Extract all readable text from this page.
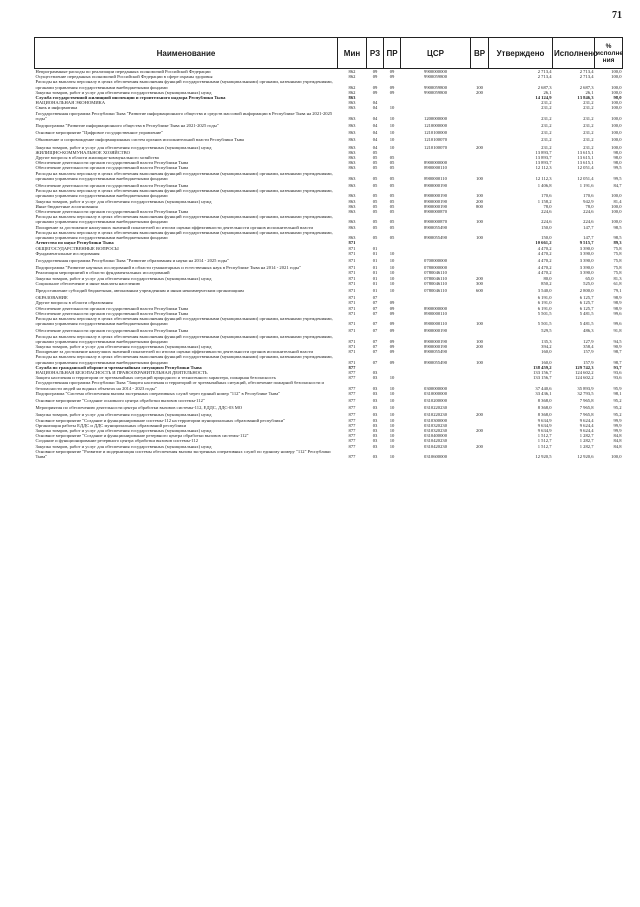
71
Наименование	Мин	РЗ	ПР	ЦСР	ВР	Утверждено	Исполнено	%
исполне ния
Непрограммные расходы по реализации переданных полномочий Российской Федерации	862	09	09	9900000000		2 713,4	2 713,4	100,0
Осуществление переданных полномочий Российской Федерации в сфере охраны здоровья	862	09	09	9900059800		2 713,4	2 713,4	100,0
Расходы на выплаты персоналу в целях обеспечения выполнения функций государственными (муниципальными) органами, казенными учреждениями, органами управления государственными внебюджетными фондами	862	09	09	9900059800	100	2 687,3	2 687,3	100,0
Закупка товаров, работ и услуг для обеспечения государственных (муниципальных) нужд	862	09	09	9900059800	200	26,1	26,1	100,0
Служба государственной жилищной инспекции и строительного надзора Республики Тыва	863					14 124,9	13 846,3	98,0
НАЦИОНАЛЬНАЯ ЭКОНОМИКА	863	04				231,2	231,2	100,0
Связь и информатика	863	04	10			231,2	231,2	100,0
Государственная программа Республики Тыва "Развитие информационного общества и средств массовой информации в Республике Тыва на 2021-2025 годы"	863	04	10	1200000000		231,2	231,2	100,0
Подпрограмма "Развитие информационного общества в Республике Тыва на 2021-2025 годы"	863	04	10	1210000000		231,2	231,2	100,0
Основное мероприятие "Цифровое государственное управление"	863	04	10	1210100000		231,2	231,2	100,0
Обновление и сопровождение информационных систем органов исполнительной власти Республики Тыва	863	04	10	1210100070		231,2	231,2	100,0
Закупка товаров, работ и услуг для обеспечения государственных (муниципальных) нужд	863	04	10	1210100070	200	231,2	231,2	100,0
ЖИЛИЩНО-КОММУНАЛЬНОЕ ХОЗЯЙСТВО	863	05				13 893,7	13 615,1	98,0
Другие вопросы в области жилищно-коммунального хозяйства	863	05	05			13 893,7	13 615,1	98,0
Обеспечение деятельности органов государственной власти Республики Тыва	863	05	05	8900000000		13 893,7	13 615,1	98,0
Обеспечение деятельности органов государственной власти Республики Тыва	863	05	05	8900000110		12 112,3	12 051,4	99,5
Расходы на выплаты персоналу в целях обеспечения выполнения функций государственными (муниципальными) органами, казенными учреждениями, органами управления государственными внебюджетными фондами	863	05	05	8900000110	100	12 112,3	12 051,4	99,5
Обеспечение деятельности органов государственной власти Республики Тыва	863	05	05	8900000190		1 406,8	1 191,6	84,7
Расходы на выплаты персоналу в целях обеспечения выполнения функций государственными (муниципальными) органами, казенными учреждениями, органами управления государственными внебюджетными фондами	863	05	05	8900000190	100	170,6	170,6	100,0
Закупка товаров, работ и услуг для обеспечения государственных (муниципальных) нужд	863	05	05	8900000190	200	1 158,2	942,9	81,4
Иные бюджетные ассигнования	863	05	05	8900000190	800	78,0	78,0	100,0
Обеспечение деятельности органов государственной власти Республики Тыва	863	05	05	8900000870		224,6	224,6	100,0
Расходы на выплаты персоналу в целях обеспечения выполнения функций государственными (муниципальными) органами, казенными учреждениями, органами управления государственными внебюджетными фондами	863	05	05	8900000870	100	224,6	224,6	100,0
Поощрение за достижение наилучших значений показателей по итогам оценки эффективности деятельности органов исполнительной власти	863	05	05	8900055490		150,0	147,7	98,5
Расходы на выплаты персоналу в целях обеспечения выполнения функций государственными (муниципальными) органами, казенными учреждениями, органами управления государственными внебюджетными фондами	863	05	05	8900055490	100	150,0	147,7	98,5
Агентство по науке Республики Тыва	871					10 661,2	9 515,7	89,3
ОБЩЕГОСУДАРСТВЕННЫЕ ВОПРОСЫ	871	01				4 470,2	3 390,0	75,8
Фундаментальные исследования	871	01	10			4 470,2	3 390,0	75,8
Государственная программа Республики Тыва "Развитие образования и науки на 2014 - 2025 годы"	871	01	10	0700000000		4 470,2	3 390,0	75,8
Подпрограмма "Развитие научных исследований в области гуманитарных и естественных наук в Республике Тыва на 2014 - 2021 годы"	871	01	10	0780000000		4 470,2	3 390,0	75,8
Реализация мероприятий в области фундаментальных исследований	871	01	10	0780046110		4 470,2	3 390,0	75,8
Закупка товаров, работ и услуг для обеспечения государственных (муниципальных) нужд	871	01	10	0780046110	200	80,0	65,0	81,3
Социальное обеспечение и иные выплаты населению	871	01	10	0780046110	300	850,2	525,0	61,8
Предоставление субсидий бюджетным, автономным учреждениям и иным некоммерческим организациям	871	01	10	0780046110	600	3 540,0	2 800,0	79,1
ОБРАЗОВАНИЕ	871	07				6 191,0	6 125,7	98,9
Другие вопросы в области образования	871	07	09			6 191,0	6 125,7	98,9
Обеспечение деятельности органов государственной власти Республики Тыва	871	07	09	8900000000		6 191,0	6 125,7	98,9
Обеспечение деятельности органов государственной власти Республики Тыва	871	07	09	8900000110		5 501,5	5 481,5	99,6
Расходы на выплаты персоналу в целях обеспечения выполнения функций государственными (муниципальными) органами, казенными учреждениями, органами управления государственными внебюджетными фондами	871	07	09	8900000110	100	5 501,5	5 481,5	99,6
Обеспечение деятельности органов государственной власти Республики Тыва	871	07	09	8900000190		529,5	486,3	91,8
Расходы на выплаты персоналу в целях обеспечения выполнения функций государственными (муниципальными) органами, казенными учреждениями, органами управления государственными внебюджетными фондами	871	07	09	8900000190	100	135,3	127,9	94,5
Закупка товаров, работ и услуг для обеспечения государственных (муниципальных) нужд	871	07	09	8900000190	200	394,2	358,4	90,9
Поощрение за достижение наилучших значений показателей по итогам оценки эффективности деятельности органов исполнительной власти	871	07	09	8900055490		160,0	157,9	98,7
Расходы на выплаты персоналу в целях обеспечения выполнения функций государственными (муниципальными) органами, казенными учреждениями, органами управления государственными внебюджетными фондами	871	07	09	8900055490	100	160,0	157,9	98,7
Служба по гражданской обороне и чрезвычайным ситуациям Республики Тыва	877					138 459,2	129 742,3	93,7
НАЦИОНАЛЬНАЯ БЕЗОПАСНОСТЬ И ПРАВООХРАНИТЕЛЬНАЯ ДЕЯТЕЛЬНОСТЬ	877	03				133 156,7	124 602,2	93,6
Защита населения и территории от чрезвычайных ситуаций природного и техногенного характера, пожарная безопасность	877	03	10			133 156,7	124 602,2	93,6
Государственная программа Республики Тыва "Защита населения и территорий от чрезвычайных ситуаций, обеспечение пожарной безопасности и безопасности людей на водных объектах на 2014 - 2023 годы"	877	03	10	0300000000		37 440,6	35 893,9	95,9
Подпрограмма "Система обеспечения вызова экстренных оперативных служб через единый номер "112" в Республике Тыва"	877	03	10	0310000000		33 436,1	32 793,5	98,1
Основное мероприятие "Создание основного центра обработки вызовов системы-112"	877	03	10	0310200000		8 368,0	7 965,8	95,2
Мероприятия по обеспечению деятельности центра обработки вызовов системы-112, ЕДДС, ДДС-03 МО	877	03	10	0310220230		8 368,0	7 965,8	95,2
Закупка товаров, работ и услуг для обеспечения государственных (муниципальных) нужд	877	03	10	0310220230	200	8 368,0	7 965,8	95,2
Основное мероприятие "Создание и функционирование системы-112 на территории муниципальных образований республики"	877	03	10	0310300000		9 634,9	9 624,4	99,9
Организация работы ЕДДС и ДДС муниципальных образований республики	877	03	10	0310320230		9 634,9	9 624,4	99,9
Закупка товаров, работ и услуг для обеспечения государственных (муниципальных) нужд	877	03	10	0310320230	200	9 634,9	9 624,4	99,9
Основное мероприятие "Создание и функционирование резервного центра обработки вызовов системы-112"	877	03	10	0310400000		1 512,7	1 282,7	84,8
Создание и функционирование резервного центра обработки вызовов системы-112	877	03	10	0310420230		1 512,7	1 282,7	84,8
Закупка товаров, работ и услуг для обеспечения государственных (муниципальных) нужд	877	03	10	0310420230	200	1 512,7	1 282,7	84,8
Основное мероприятие "Развитие и модернизация системы обеспечения вызова экстренных оперативных служб по единому номеру "112" Республики Тыва"	877	03	10	0310600000		12 920,5	12 920,6	100,0
